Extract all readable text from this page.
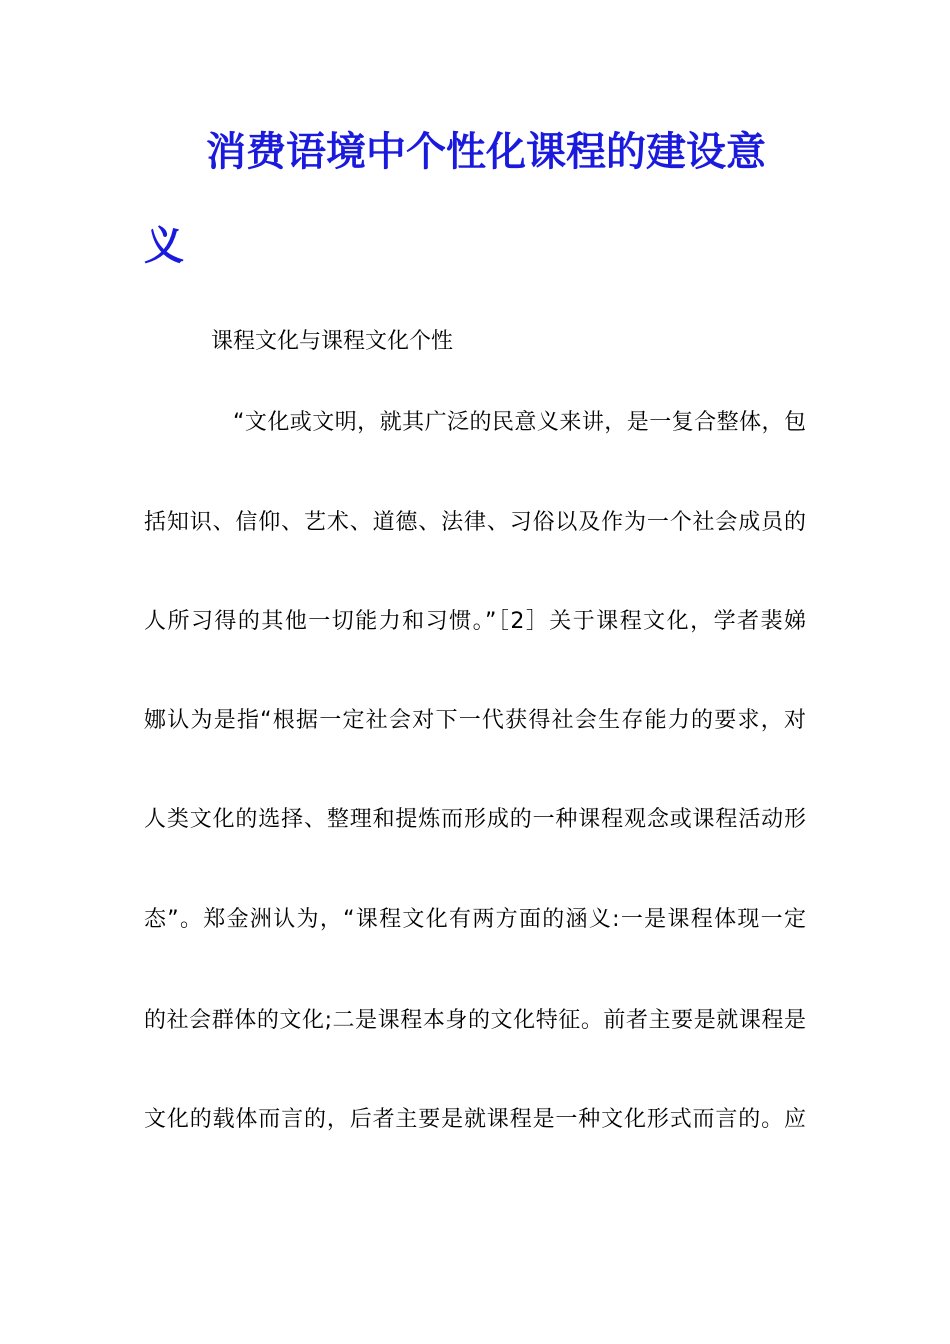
消费语境中个性化课程的建设意
义

课程文化与课程文化个性

“文化或文明，就其广泛的民意义来讲，是一复合整体，包

括知识、信仰、艺术、道德、法律、习俗以及作为一个社会成员的

人所习得的其他一切能力和习惯。”［2］关于课程文化，学者裴娣

娜认为是指“根据一定社会对下一代获得社会生存能力的要求，对

人类文化的选择、整理和提炼而形成的一种课程观念或课程活动形

态”。郑金洲认为，“课程文化有两方面的涵义:一是课程体现一定

的社会群体的文化;二是课程本身的文化特征。前者主要是就课程是

文化的载体而言的，后者主要是就课程是一种文化形式而言的。应
